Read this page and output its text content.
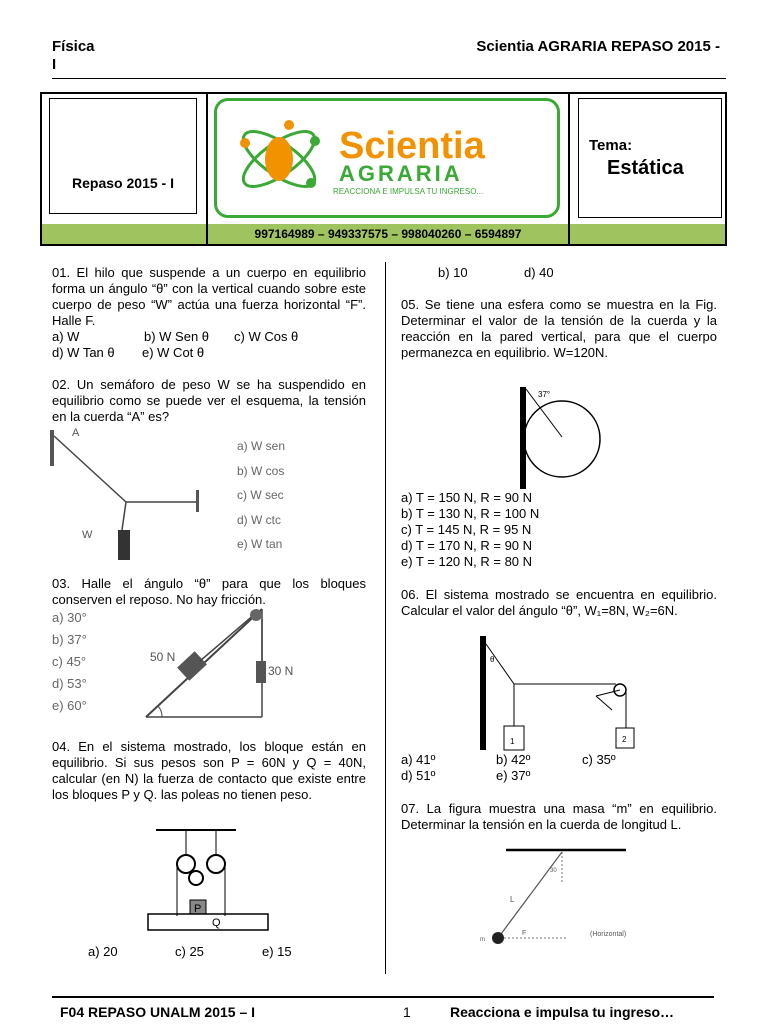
Física
I
Scientia AGRARIA REPASO 2015 -
Repaso 2015 - I
Scientia
AGRARIA
REACCIONA E IMPULSA TU INGRESO...
Tema:
Estática
997164989 – 949337575 – 998040260 – 6594897
01. El hilo que suspende a un cuerpo en equilibrio forma un ángulo “θ” con la vertical cuando sobre este cuerpo de peso “W” actúa una fuerza horizontal “F”. Halle F.
a) W	b) W Sen θ c) W Cos θ
d) W Tan θ e) W Cot θ
02. Un semáforo de peso W se ha suspendido en equilibrio como se puede ver el esquema, la tensión en la cuerda “A” es?
A
W
a) W sen
b) W cos
c) W sec
d) W ctc
e) W tan
03. Halle el ángulo “θ” para que los bloques conserven el reposo. No hay fricción.
a) 30°
b) 37°
c) 45°
d) 53°
e) 60°
50 N
30 N
04. En el sistema mostrado, los bloque están en equilibrio. Si sus pesos son P = 60N y Q = 40N, calcular (en N) la fuerza de contacto que existe entre los bloques P y Q. las poleas no tienen peso.
P
Q
a) 20	c) 25	e) 15
b) 10	d) 40
05. Se tiene una esfera como se muestra en la Fig. Determinar el valor de la tensión de la cuerda y la reacción en la pared vertical, para que el cuerpo permanezca en equilibrio. W=120N.
37°
a) T = 150 N, R = 90 N
b) T = 130 N, R = 100 N
c) T = 145 N, R = 95 N
d) T = 170 N, R = 90 N
e) T = 120 N, R = 80 N
06. El sistema mostrado se encuentra en equilibrio. Calcular el valor del ángulo “θ”, W₁=8N, W₂=6N.
θ
1	2
a) 41º	b) 42º	c) 35º
d) 51º	e) 37º
07. La figura muestra una masa “m” en equilibrio. Determinar la tensión en la cuerda de longitud L.
L
F
30
(Horizontal)
m
F04 REPASO UNALM 2015 – I	1	Reacciona e impulsa tu ingreso…
